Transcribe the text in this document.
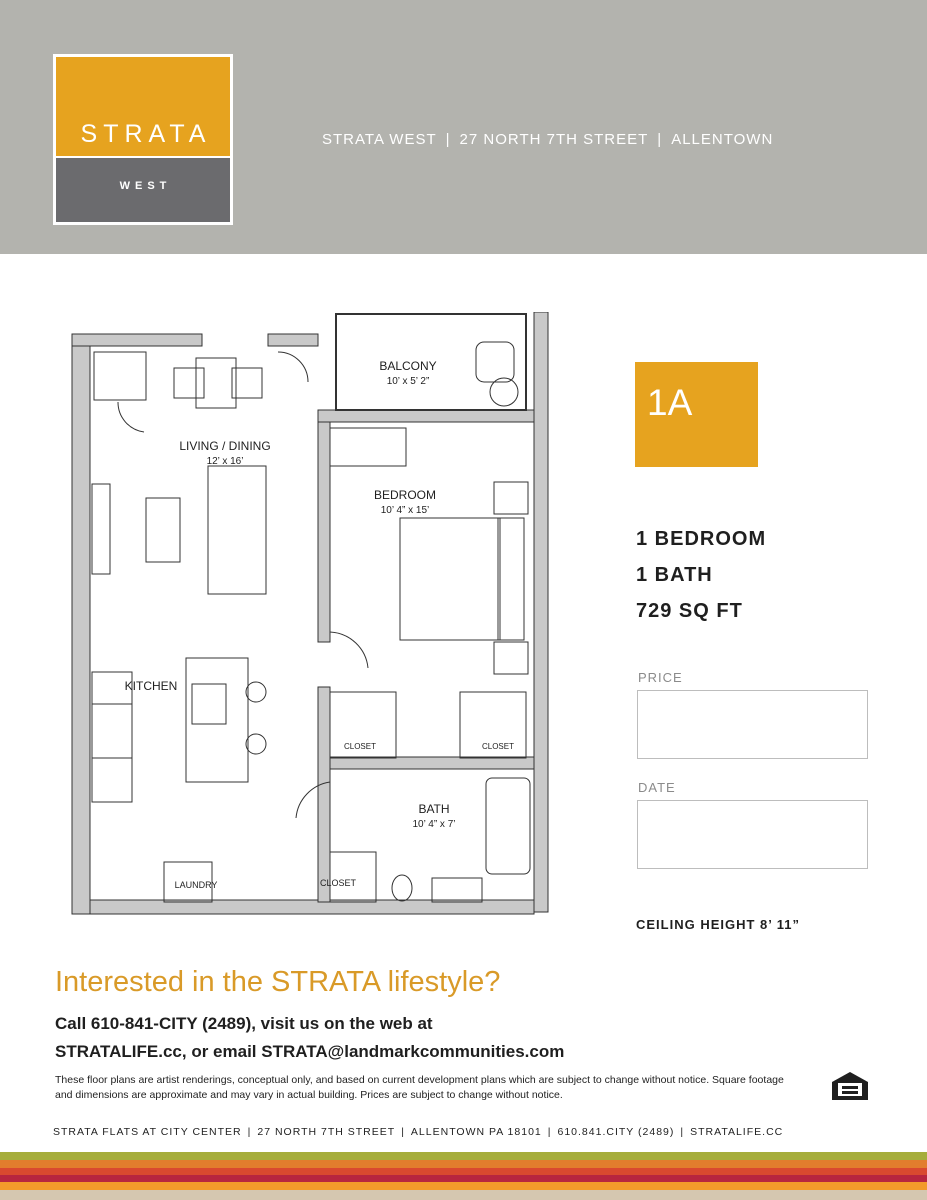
STRATA
WEST
STRATA WEST | 27 NORTH 7TH STREET | ALLENTOWN
BALCONY
10’ x 5’ 2”
LIVING / DINING
12’ x 16’
BEDROOM
10’ 4” x 15’
KITCHEN
CLOSET	CLOSET
BATH
10’ 4” x 7’
CLOSET
LAUNDRY
1A
1 BEDROOM
1 BATH
729 SQ FT
PRICE
DATE
CEILING HEIGHT 8’ 11”
Interested in the STRATA lifestyle?
Call 610-841-CITY (2489), visit us on the web at
STRATALIFE.cc, or email STRATA@landmarkcommunities.com
These floor plans are artist renderings, conceptual only, and based on current development plans which are subject to change without notice. Square footage and dimensions are approximate and may vary in actual building. Prices are subject to change without notice.
STRATA FLATS AT CITY CENTER | 27 NORTH 7TH STREET | ALLENTOWN PA 18101 | 610.841.CITY (2489) | STRATALIFE.CC
